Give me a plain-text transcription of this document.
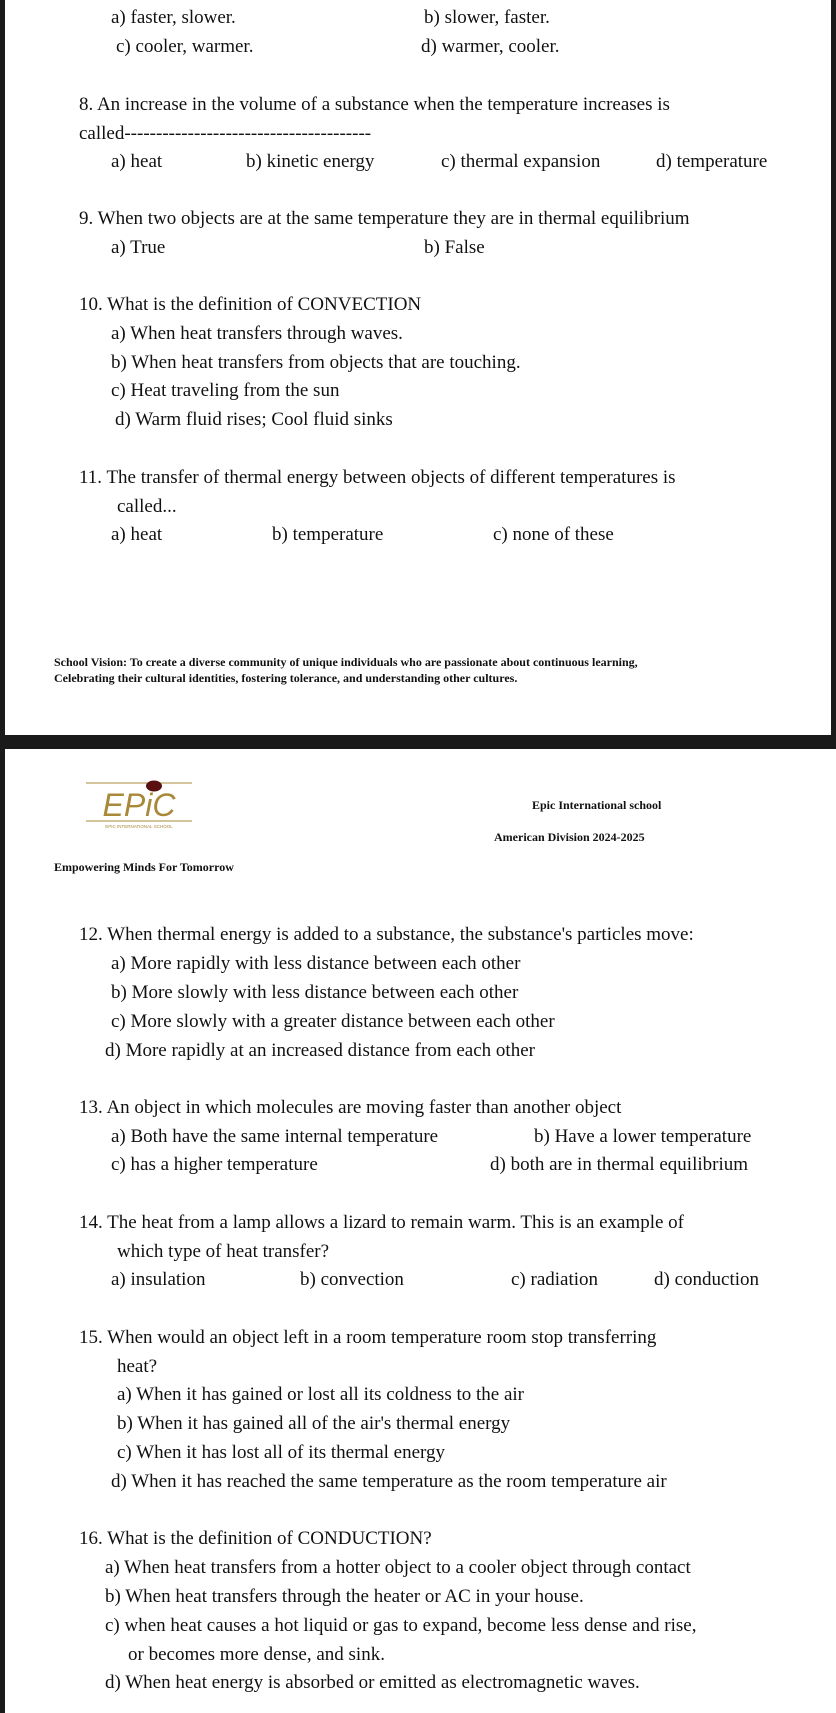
a) faster, slower.	b) slower, faster.
c) cooler, warmer.	d) warmer, cooler.
8. An increase in the volume of a substance when the temperature increases is
called---------------------------------------
a) heat	b) kinetic energy	c) thermal expansion	d) temperature
9. When two objects are at the same temperature they are in thermal equilibrium
a) True	b) False
10. What is the definition of CONVECTION
a) When heat transfers through waves.
b) When heat transfers from objects that are touching.
c) Heat traveling from the sun
d) Warm fluid rises; Cool fluid sinks
11. The transfer of thermal energy between objects of different temperatures is
called...
a) heat	b) temperature	c) none of these
School Vision: To create a diverse community of unique individuals who are passionate about continuous learning,
Celebrating their cultural identities, fostering tolerance, and understanding other cultures.
EPiC
EPIC INTERNATIONAL SCHOOL
Epic International school
American Division 2024-2025
Empowering Minds For Tomorrow
12. When thermal energy is added to a substance, the substance's particles move:
a) More rapidly with less distance between each other
b) More slowly with less distance between each other
c) More slowly with a greater distance between each other
d) More rapidly at an increased distance from each other
13. An object in which molecules are moving faster than another object
a) Both have the same internal temperature	b) Have a lower temperature
c) has a higher temperature	d) both are in thermal equilibrium
14. The heat from a lamp allows a lizard to remain warm. This is an example of
which type of heat transfer?
a) insulation	b) convection	c) radiation	d) conduction
15. When would an object left in a room temperature room stop transferring
heat?
a) When it has gained or lost all its coldness to the air
b) When it has gained all of the air's thermal energy
c) When it has lost all of its thermal energy
d) When it has reached the same temperature as the room temperature air
16. What is the definition of CONDUCTION?
a) When heat transfers from a hotter object to a cooler object through contact
b) When heat transfers through the heater or AC in your house.
c) when heat causes a hot liquid or gas to expand, become less dense and rise,
or becomes more dense, and sink.
d) When heat energy is absorbed or emitted as electromagnetic waves.
